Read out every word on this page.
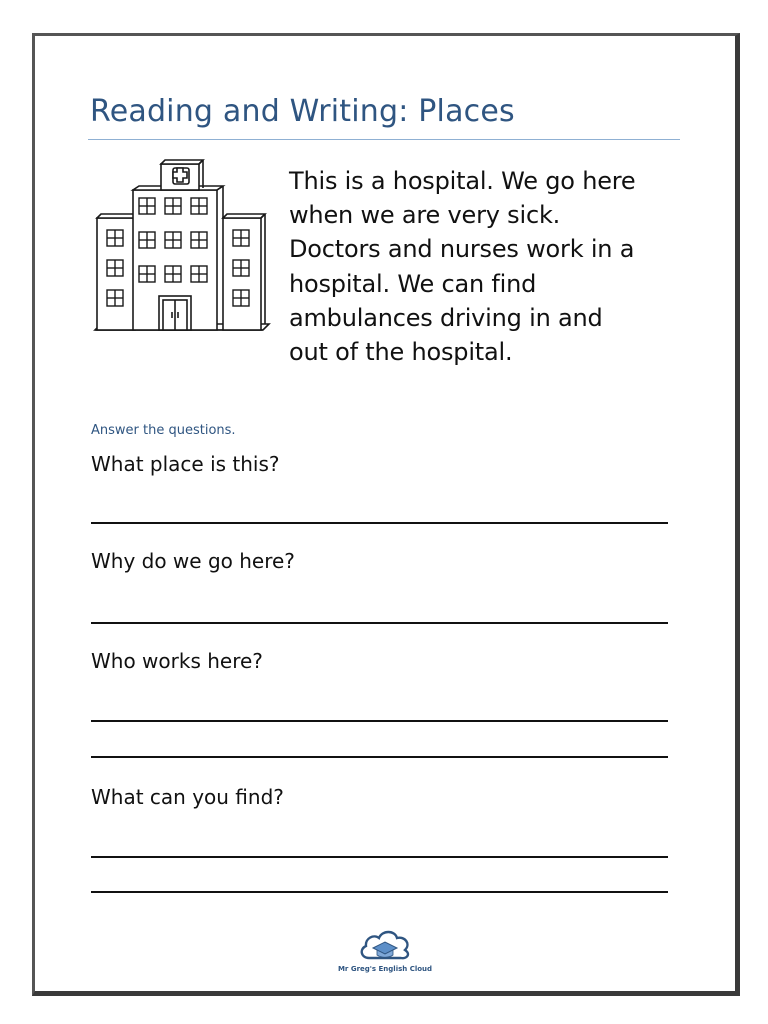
Reading and Writing: Places
This is a hospital. We go here
when we are very sick.
Doctors and nurses work in a
hospital. We can find
ambulances driving in and
out of the hospital.
Answer the questions.
What place is this?
Why do we go here?
Who works here?
What can you find?
Mr Greg's English Cloud
